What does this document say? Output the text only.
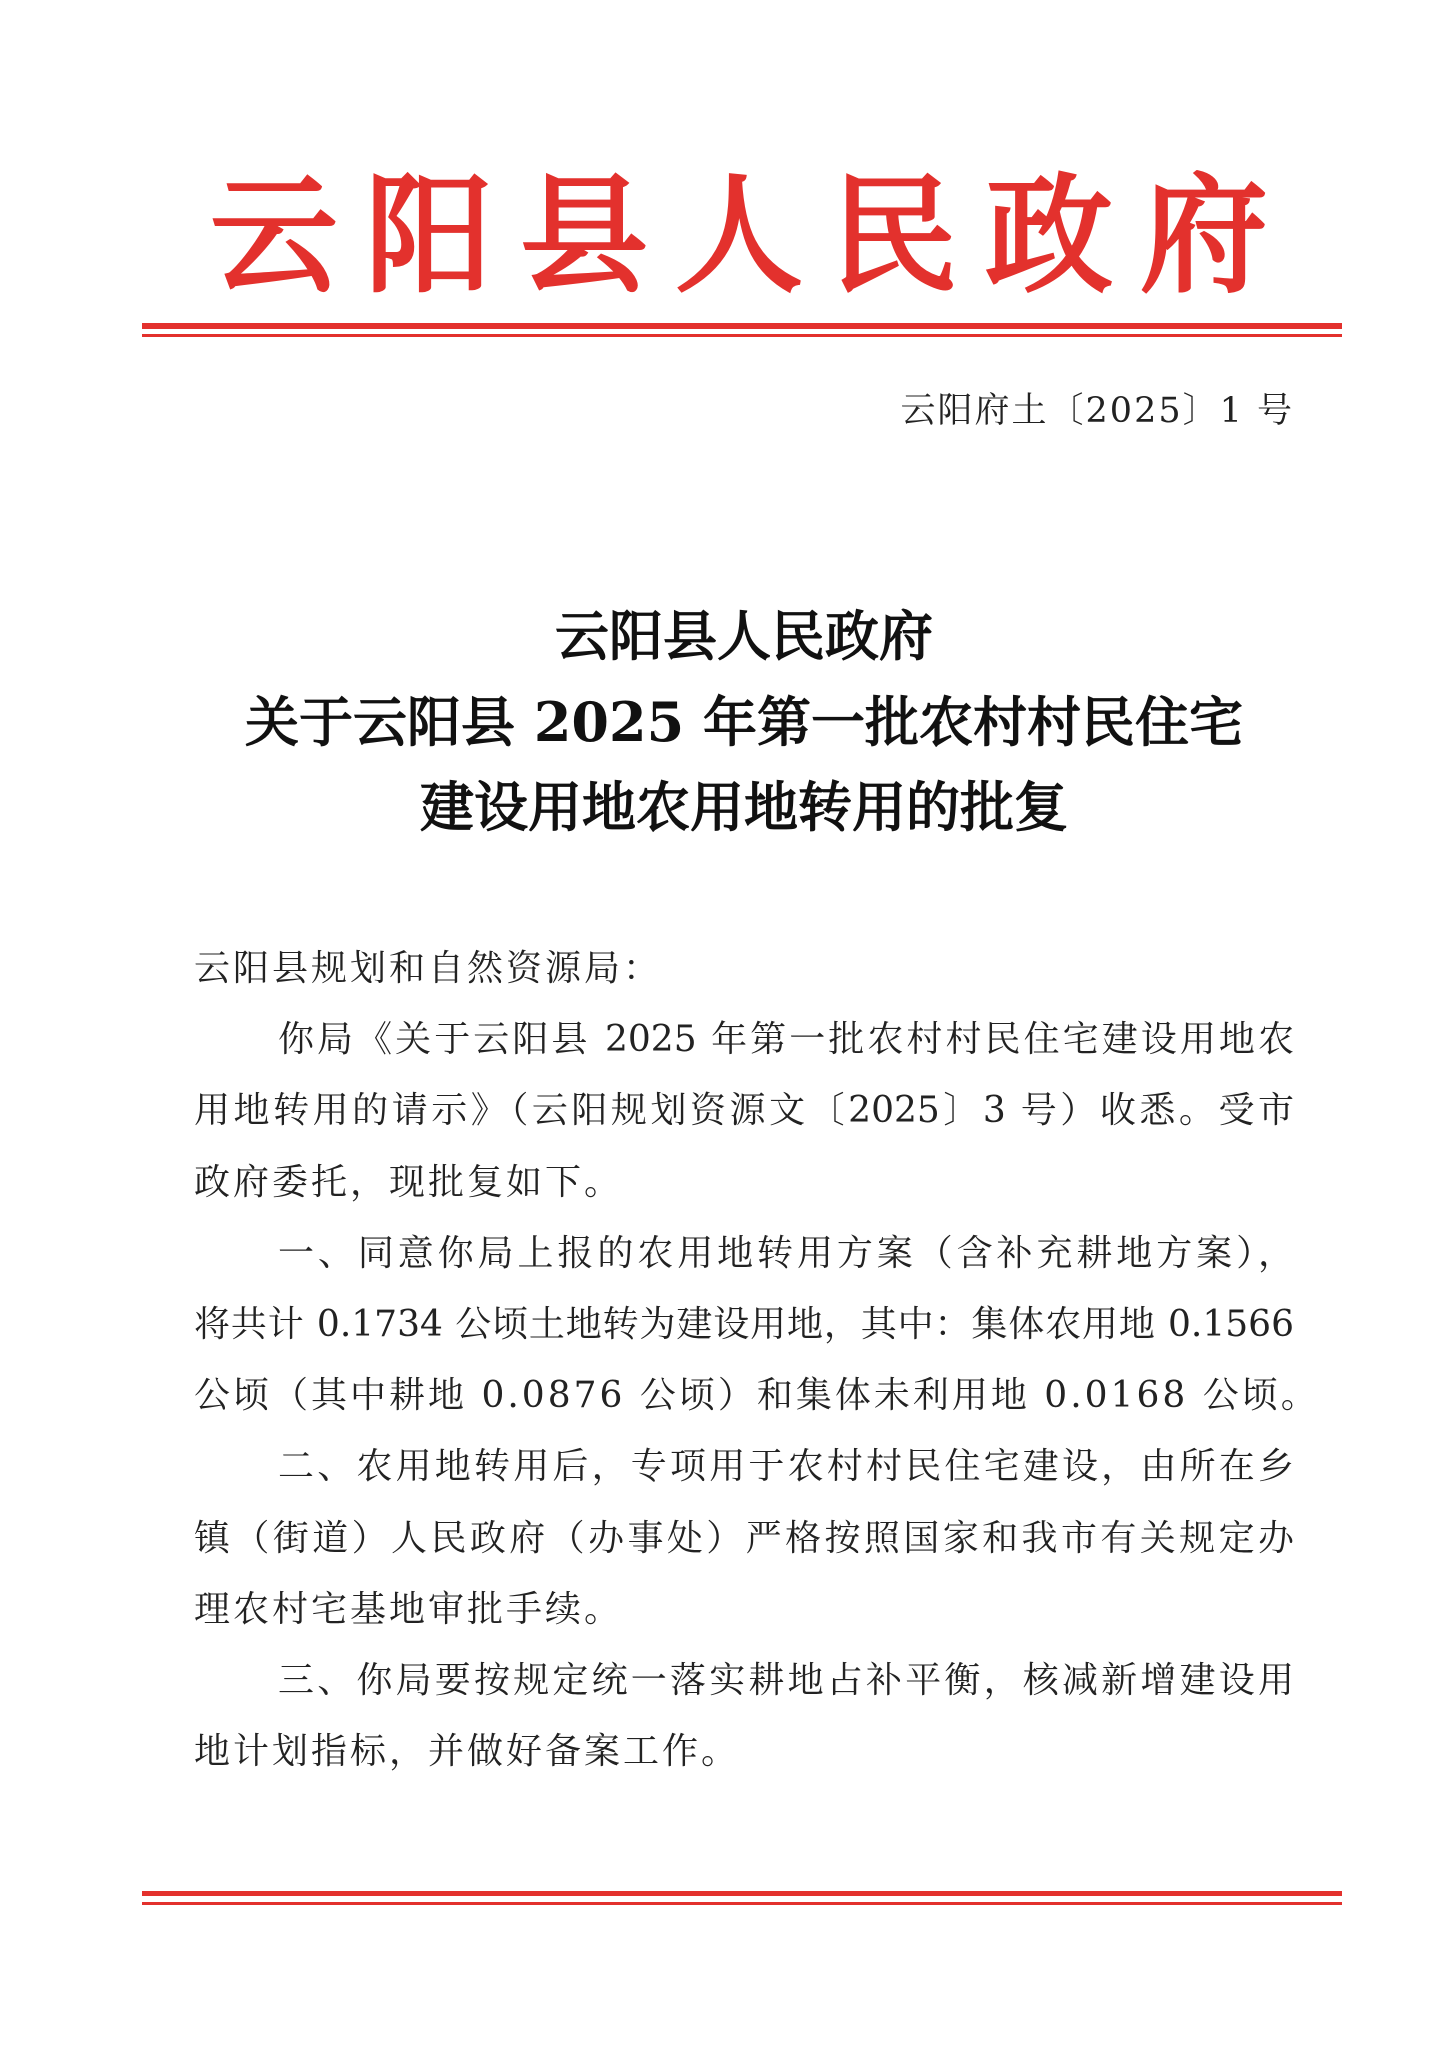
云阳县人民政府
云阳府土〔2025〕1 号
云阳县人民政府
关于云阳县 2025 年第一批农村村民住宅
建设用地农用地转用的批复
云阳县规划和自然资源局：
你局《关于云阳县 2025 年第一批农村村民住宅建设用地农
用地转用的请示》（云阳规划资源文〔2025〕3 号）收悉。受市
政府委托，现批复如下。
一、同意你局上报的农用地转用方案（含补充耕地方案），
将共计 0.1734 公顷土地转为建设用地，其中：集体农用地 0.1566
公顷（其中耕地 0.0876 公顷）和集体未利用地 0.0168 公顷。
二、农用地转用后，专项用于农村村民住宅建设，由所在乡
镇（街道）人民政府（办事处）严格按照国家和我市有关规定办
理农村宅基地审批手续。
三、你局要按规定统一落实耕地占补平衡，核减新增建设用
地计划指标，并做好备案工作。
